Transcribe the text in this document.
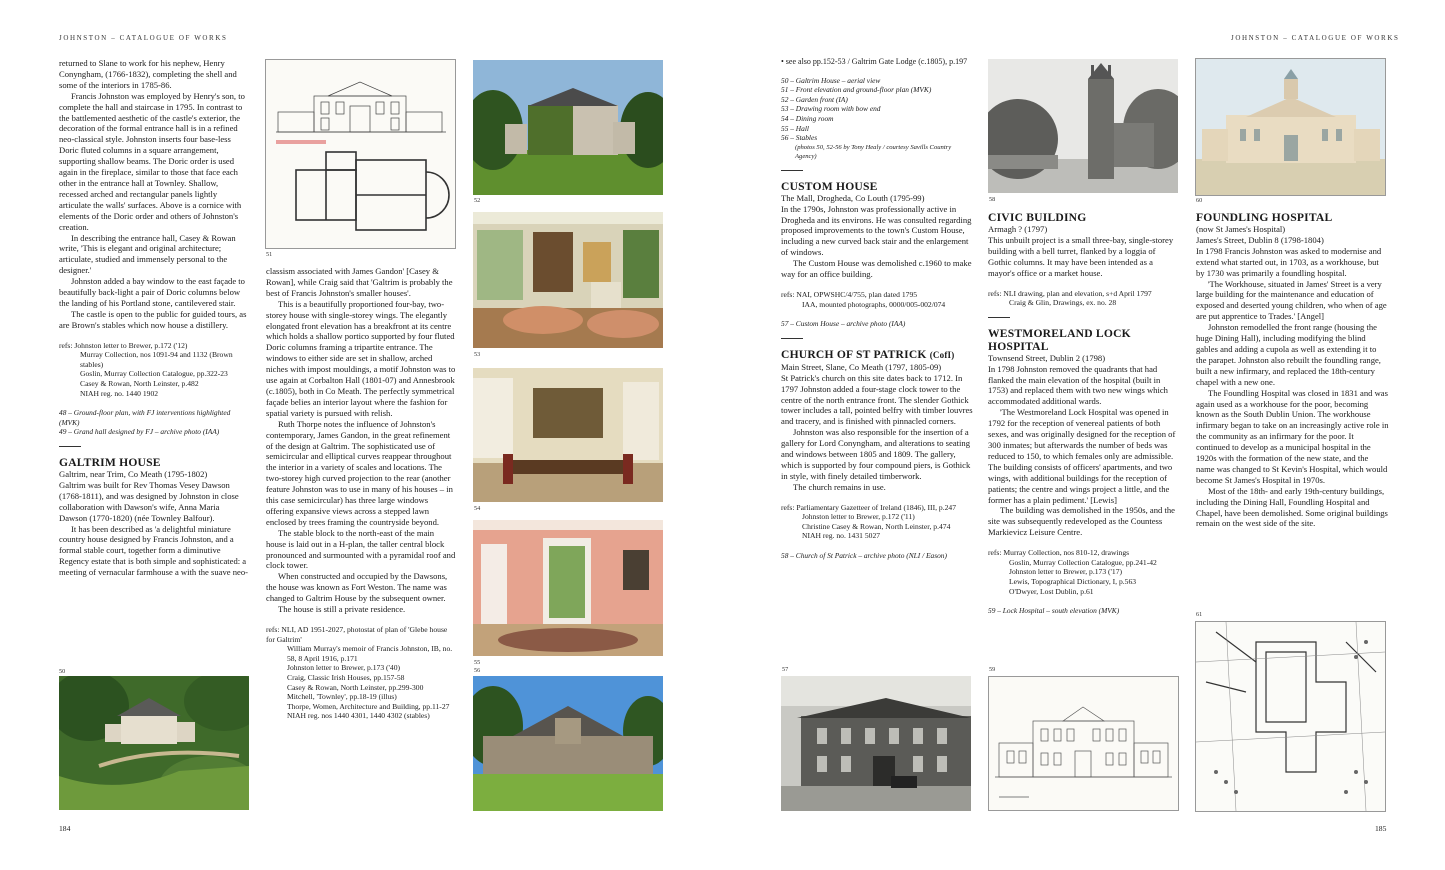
JOHNSTON – CATALOGUE OF WORKS	JOHNSTON – CATALOGUE OF WORKS

returned to Slane to work for his nephew, Henry Conyngham, (1766-1832), completing the shell and some of the interiors in 1785-86.

Francis Johnston was employed by Henry's son, to complete the hall and staircase in 1795. In contrast to the battlemented aesthetic of the castle's exterior, the decoration of the formal entrance hall is in a refined neo-classical style. Johnston inserts four base-less Doric fluted columns in a square arrangement, supporting shallow beams. The Doric order is used again in the fireplace, similar to those that face each other in the entrance hall at Townley. Shallow, recessed arched and rectangular panels lightly articulate the walls' surfaces. Above is a cornice with elements of the Doric order and others of Johnston's creation.

In describing the entrance hall, Casey & Rowan write, 'This is elegant and original architecture; articulate, studied and immensely personal to the designer.'

Johnston added a bay window to the east façade to beautifully back-light a pair of Doric columns below the landing of his Portland stone, cantilevered stair.

The castle is open to the public for guided tours, as are Brown's stables which now house a distillery.

refs: Johnston letter to Brewer, p.172 ('12)
Murray Collection, nos 1091-94 and 1132 (Brown stables)
Goslin, Murray Collection Catalogue, pp.322-23
Casey & Rowan, North Leinster, p.482
NIAH reg. no. 1440 1902
48 – Ground-floor plan, with FJ interventions highlighted (MVK)
49 – Grand hall designed by FJ – archive photo (IAA)
GALTRIM HOUSE

Galtrim, near Trim, Co Meath (1795-1802)

Galtrim was built for Rev Thomas Vesey Dawson (1768-1811), and was designed by Johnston in close collaboration with Dawson's wife, Anna Maria Dawson (1770-1820) (née Townley Balfour).

It has been described as 'a delightful miniature country house designed by Francis Johnston, and a formal stable court, together form a diminutive Regency estate that is both simple and sophisticated: a meeting of vernacular farmhouse a with the suave neo-

50
51

classism associated with James Gandon' [Casey & Rowan], while Craig said that 'Galtrim is probably the best of Francis Johnston's smaller houses'.

This is a beautifully proportioned four-bay, two-storey house with single-storey wings. The elegantly elongated front elevation has a breakfront at its centre which holds a shallow portico supported by four fluted Doric columns framing a tripartite entrance. The windows to either side are set in shallow, arched niches with impost mouldings, a motif Johnston was to use again at Corbalton Hall (1801-07) and Annesbrook (c.1805), both in Co Meath. The perfectly symmetrical façade belies an interior layout where the fashion for spatial variety is pursued with relish.

Ruth Thorpe notes the influence of Johnston's contemporary, James Gandon, in the great refinement of the design at Galtrim. The sophisticated use of semicircular and elliptical curves reappear throughout the interior in a variety of scales and locations. The two-storey high curved projection to the rear (another feature Johnston was to use in many of his houses – in this case semicircular) has three large windows offering expansive views across a stepped lawn enclosed by trees framing the countryside beyond.

The stable block to the north-east of the main house is laid out in a H-plan, the taller central block pronounced and surmounted with a pyramidal roof and clock tower.

When constructed and occupied by the Dawsons, the house was known as Fort Weston. The name was changed to Galtrim House by the subsequent owner.

The house is still a private residence.

refs: NLI, AD 1951-2027, photostat of plan of 'Glebe house for Galtrim'
William Murray's memoir of Francis Johnston, IB, no. 58, 8 April 1916, p.171
Johnston letter to Brewer, p.173 ('40)
Craig, Classic Irish Houses, pp.157-58
Casey & Rowan, North Leinster, pp.299-300
Mitchell, 'Townley', pp.18-19 (illus)
Thorpe, Women, Architecture and Building, pp.11-27
NIAH reg. nos 1440 4301, 1440 4302 (stables)
52
53
54
55
56
184
• see also pp.152-53 / Galtrim Gate Lodge (c.1805), p.197
50 – Galtrim House – aerial view
51 – Front elevation and ground-floor plan (MVK)
52 – Garden front (IA)
53 – Drawing room with bow end
54 – Dining room
55 – Hall
56 – Stables
(photos 50, 52-56 by Tony Healy / courtesy Savills Country Agency)
CUSTOM HOUSE

The Mall, Drogheda, Co Louth (1795-99)

In the 1790s, Johnston was professionally active in Drogheda and its environs. He was consulted regarding proposed improvements to the town's Custom House, including a new curved back stair and the enlargement of windows.

The Custom House was demolished c.1960 to make way for an office building.

refs: NAI, OPWSHC/4/755, plan dated 1795
IAA, mounted photographs, 0000/005-002/074
57 – Custom House – archive photo (IAA)
CHURCH OF ST PATRICK (CofI)

Main Street, Slane, Co Meath (1797, 1805-09)

St Patrick's church on this site dates back to 1712. In 1797 Johnston added a four-stage clock tower to the centre of the north entrance front. The slender Gothick tower includes a tall, pointed belfry with timber louvres and tracery, and is finished with pinnacled corners.

Johnston was also responsible for the insertion of a gallery for Lord Conyngham, and alterations to seating and windows between 1805 and 1809. The gallery, which is supported by four compound piers, is Gothick in style, with finely detailed timberwork.

The church remains in use.

refs: Parliamentary Gazetteer of Ireland (1846), III, p.247
Johnston letter to Brewer, p.172 ('11)
Christine Casey & Rowan, North Leinster, p.474
NIAH reg. no. 1431 5027
58 – Church of St Patrick – archive photo (NLI / Eason)
57
58
CIVIC BUILDING

Armagh ? (1797)

This unbuilt project is a small three-bay, single-storey building with a bell turret, flanked by a loggia of Gothic columns. It may have been intended as a mayor's office or a market house.

refs: NLI drawing, plan and elevation, s+d April 1797
Craig & Glin, Drawings, ex. no. 28
WESTMORELAND LOCK HOSPITAL

Townsend Street, Dublin 2 (1798)

In 1798 Johnston removed the quadrants that had flanked the main elevation of the hospital (built in 1753) and replaced them with two new wings which accommodated additional wards.

'The Westmoreland Lock Hospital was opened in 1792 for the reception of venereal patients of both sexes, and was originally designed for the reception of 300 inmates; but afterwards the number of beds was reduced to 150, to which females only are admissible. The building consists of officers' apartments, and two wings, with additional buildings for the reception of patients; the centre and wings project a little, and the former has a plain pediment.' [Lewis]

The building was demolished in the 1950s, and the site was subsequently redeveloped as the Countess Markievicz Leisure Centre.

refs: Murray Collection, nos 810-12, drawings
Goslin, Murray Collection Catalogue, pp.241-42
Johnston letter to Brewer, p.173 ('17)
Lewis, Topographical Dictionary, I, p.563
O'Dwyer, Lost Dublin, p.61
59 – Lock Hospital – south elevation (MVK)
59
60
FOUNDLING HOSPITAL

(now St James's Hospital)

James's Street, Dublin 8 (1798-1804)

In 1798 Francis Johnston was asked to modernise and extend what started out, in 1703, as a workhouse, but by 1730 was primarily a foundling hospital.

'The Workhouse, situated in James' Street is a very large building for the maintenance and education of exposed and deserted young children, who when of age are put apprentice to Trades.' [Angel]

Johnston remodelled the front range (housing the huge Dining Hall), including modifying the blind gables and adding a cupola as well as extending it to the parapet. Johnston also rebuilt the foundling range, built a new infirmary, and replaced the 18th-century chapel with a new one.

The Foundling Hospital was closed in 1831 and was again used as a workhouse for the poor, becoming known as the South Dublin Union. The workhouse infirmary began to take on an increasingly active role in the community as an infirmary for the poor. It continued to develop as a municipal hospital in the 1920s with the formation of the new state, and the name was changed to St Kevin's Hospital, which would become St James's Hospital in 1970s.

Most of the 18th- and early 19th-century buildings, including the Dining Hall, Foundling Hospital and Chapel, have been demolished. Some original buildings remain on the west side of the site.

61
185
